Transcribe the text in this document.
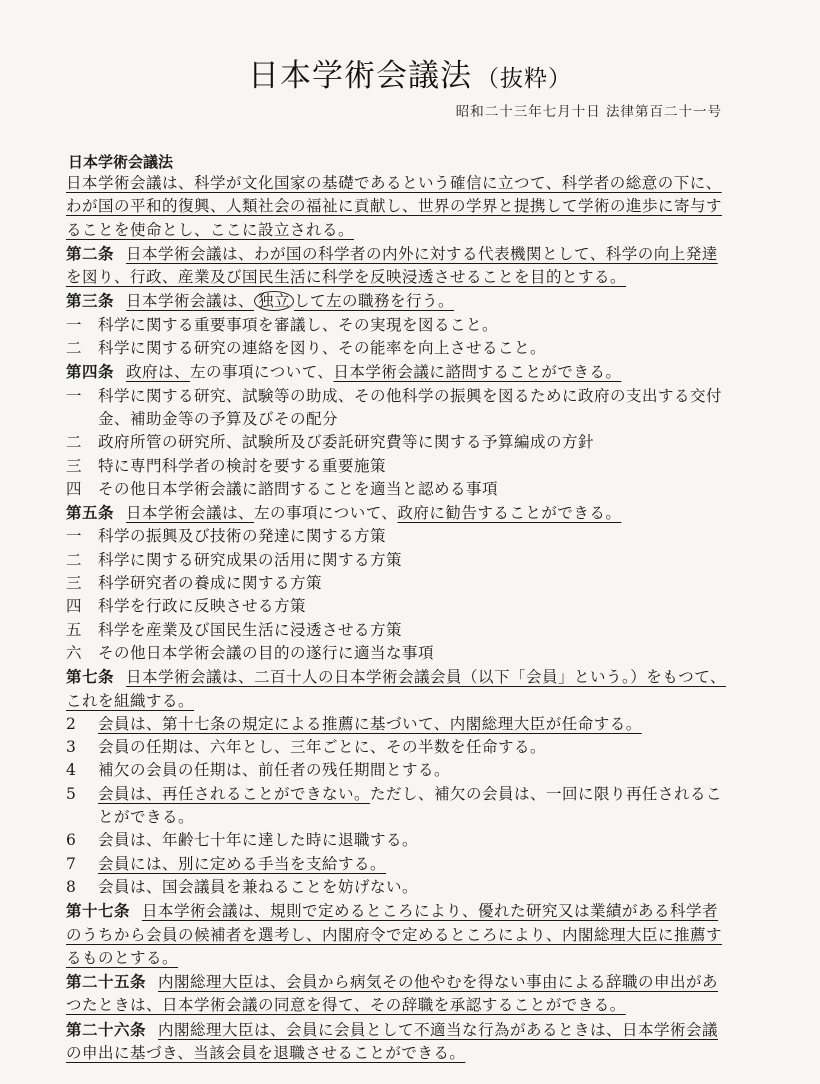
日本学術会議法 （抜粋）
昭和二十三年七月十日 法律第百二十一号
日本学術会議法

日本学術会議は、科学が文化国家の基礎であるという確信に立つて、科学者の総意の下に、わが国の平和的復興、人類社会の福祉に貢献し、世界の学界と提携して学術の進歩に寄与することを使命とし、ここに設立される。

第二条 日本学術会議は、わが国の科学者の内外に対する代表機関として、科学の向上発達を図り、行政、産業及び国民生活に科学を反映浸透させることを目的とする。

第三条 日本学術会議は、 独立 して左の職務を行う。

一	科学に関する重要事項を審議し、その実現を図ること。
二	科学に関する研究の連絡を図り、その能率を向上させること。

第四条 政府は、左の事項について、日本学術会議に諮問することができる。

一	科学に関する研究、試験等の助成、その他科学の振興を図るために政府の支出する交付金、補助金等の予算及びその配分
二	政府所管の研究所、試験所及び委託研究費等に関する予算編成の方針
三	特に専門科学者の検討を要する重要施策
四	その他日本学術会議に諮問することを適当と認める事項

第五条 日本学術会議は、左の事項について、政府に勧告することができる。

一	科学の振興及び技術の発達に関する方策
二	科学に関する研究成果の活用に関する方策
三	科学研究者の養成に関する方策
四	科学を行政に反映させる方策
五	科学を産業及び国民生活に浸透させる方策
六	その他日本学術会議の目的の遂行に適当な事項

第七条 日本学術会議は、二百十人の日本学術会議会員（以下「会員」という。）をもつて、これを組織する。

2	会員は、第十七条の規定による推薦に基づいて、内閣総理大臣が任命する。
3	会員の任期は、六年とし、三年ごとに、その半数を任命する。
4	補欠の会員の任期は、前任者の残任期間とする。
5	会員は、再任されることができない。ただし、補欠の会員は、一回に限り再任されることができる。
6	会員は、年齢七十年に達した時に退職する。
7	会員には、別に定める手当を支給する。
8	会員は、国会議員を兼ねることを妨げない。

第十七条 日本学術会議は、規則で定めるところにより、優れた研究又は業績がある科学者のうちから会員の候補者を選考し、内閣府令で定めるところにより、内閣総理大臣に推薦するものとする。

第二十五条 内閣総理大臣は、会員から病気その他やむを得ない事由による辞職の申出があつたときは、日本学術会議の同意を得て、その辞職を承認することができる。

第二十六条 内閣総理大臣は、会員に会員として不適当な行為があるときは、日本学術会議の申出に基づき、当該会員を退職させることができる。
